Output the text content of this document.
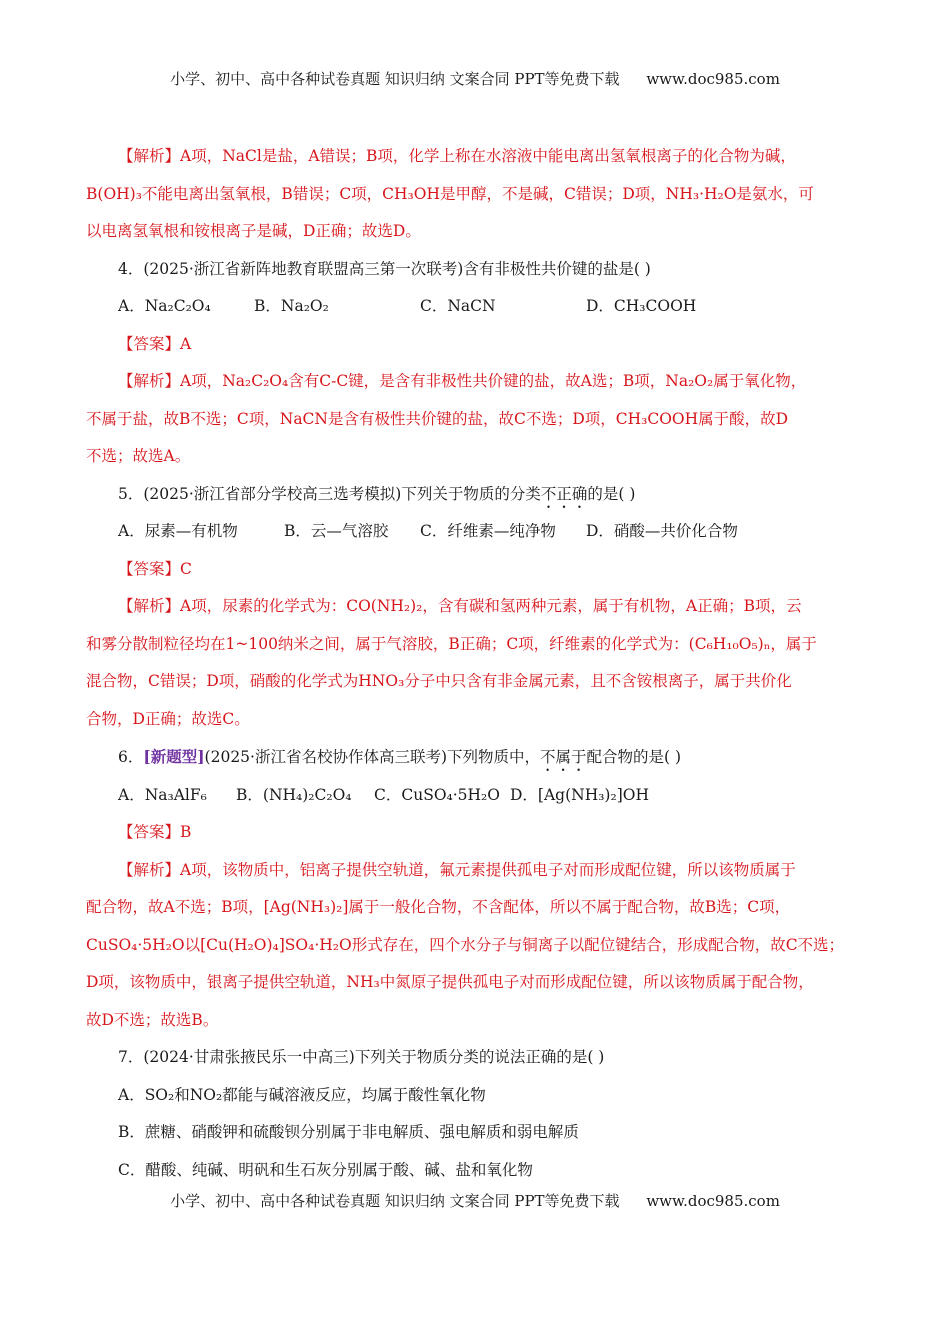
小学、初中、高中各种试卷真题 知识归纳 文案合同 PPT等免费下载 www.doc985.com

【解析】A项，NaCl是盐，A错误；B项，化学上称在水溶液中能电离出氢氧根离子的化合物为碱，

B(OH)₃不能电离出氢氧根，B错误；C项，CH₃OH是甲醇，不是碱，C错误；D项，NH₃·H₂O是氨水，可

以电离氢氧根和铵根离子是碱，D正确；故选D。

4．(2025·浙江省新阵地教育联盟高三第一次联考)含有非极性共价键的盐是( )

A．Na₂C₂O₄	B．Na₂O₂	C．NaCN	D．CH₃COOH

【答案】A

【解析】A项，Na₂C₂O₄含有C-C键，是含有非极性共价键的盐，故A选；B项，Na₂O₂属于氧化物，

不属于盐，故B不选；C项，NaCN是含有极性共价键的盐，故C不选；D项，CH₃COOH属于酸，故D

不选；故选A。

5．(2025·浙江省部分学校高三选考模拟)下列关于物质的分类不正确的是( )

A．尿素—有机物	B．云—气溶胶 C．纤维素—纯净物 D．硝酸—共价化合物

【答案】C

【解析】A项，尿素的化学式为：CO(NH₂)₂，含有碳和氢两种元素，属于有机物，A正确；B项，云

和雾分散制粒径均在1~100纳米之间，属于气溶胶，B正确；C项，纤维素的化学式为：(C₆H₁₀O₅)ₙ，属于

混合物，C错误；D项，硝酸的化学式为HNO₃分子中只含有非金属元素，且不含铵根离子，属于共价化

合物，D正确；故选C。

6．[新题型](2025·浙江省名校协作体高三联考)下列物质中，不属于配合物的是( )

A．Na₃AlF₆ B．(NH₄)₂C₂O₄ C．CuSO₄·5H₂O D．[Ag(NH₃)₂]OH

【答案】B

【解析】A项，该物质中，铝离子提供空轨道，氟元素提供孤电子对而形成配位键，所以该物质属于

配合物，故A不选；B项，[Ag(NH₃)₂]属于一般化合物，不含配体，所以不属于配合物，故B选；C项，

CuSO₄·5H₂O以[Cu(H₂O)₄]SO₄·H₂O形式存在，四个水分子与铜离子以配位键结合，形成配合物，故C不选；

D项，该物质中，银离子提供空轨道，NH₃中氮原子提供孤电子对而形成配位键，所以该物质属于配合物，

故D不选；故选B。

7．(2024·甘肃张掖民乐一中高三)下列关于物质分类的说法正确的是( )

A．SO₂和NO₂都能与碱溶液反应，均属于酸性氧化物

B．蔗糖、硝酸钾和硫酸钡分别属于非电解质、强电解质和弱电解质

C．醋酸、纯碱、明矾和生石灰分别属于酸、碱、盐和氧化物

小学、初中、高中各种试卷真题 知识归纳 文案合同 PPT等免费下载 www.doc985.com
